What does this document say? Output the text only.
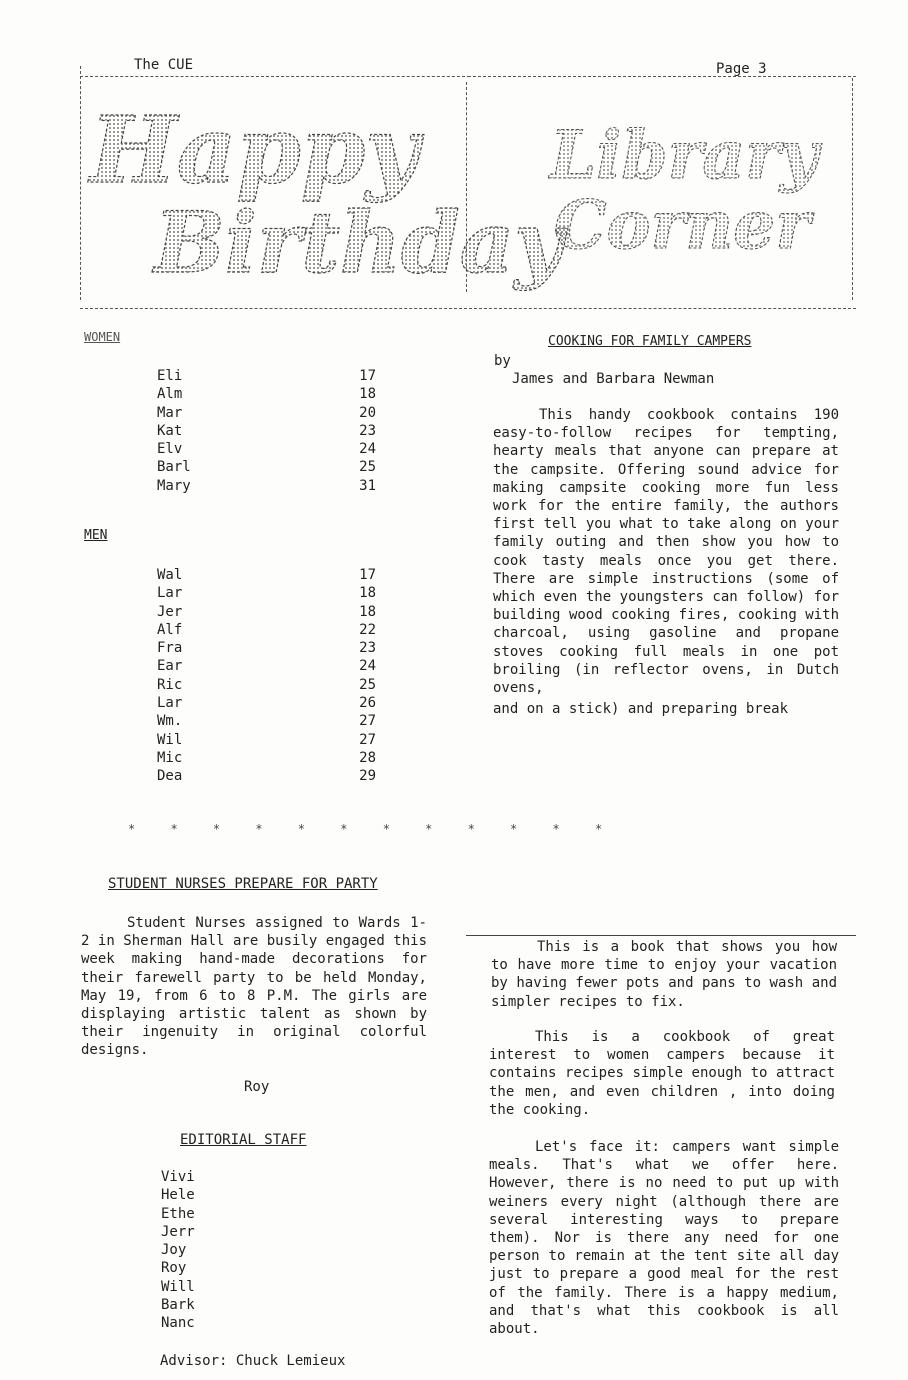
The CUE	Page 3
Happy
Birthday
Library
Corner
WOMEN
Eli
Alm
Mar
Kat
Elv
Barl
Mary
17
18
20
23
24
25
31
MEN
Wal
Lar
Jer
Alf
Fra
Ear
Ric
Lar
Wm.
Wil
Mic
Dea
17
18
18
22
23
24
25
26
27
27
28
29
* * * * * * * * * * * *
STUDENT NURSES PREPARE FOR PARTY
Student Nurses assigned to Wards 1-2 in Sherman Hall are busily engaged this week making hand-made decorations for their farewell party to be held Monday, May 19, from 6 to 8 P.M. The girls are displaying artistic talent as shown by their ingenuity in original colorful designs.
Roy
EDITORIAL STAFF
Vivi
Hele
Ethe
Jerr
Joy
Roy
Will
Bark
Nanc
Advisor: Chuck Lemieux
COOKING FOR FAMILY CAMPERS
by
James and Barbara Newman
This handy cookbook contains 190 easy-to-follow recipes for tempting, hearty meals that anyone can prepare at the campsite. Offering sound advice for making campsite cooking more fun less work for the entire family, the authors first tell you what to take along on your family outing and then show you how to cook tasty meals once you get there. There are simple instructions (some of which even the youngsters can follow) for building wood cooking fires, cooking with charcoal, using gasoline and propane stoves cooking full meals in one pot broiling (in reflector ovens, in Dutch ovens,
and on a stick) and preparing break
This is a book that shows you how to have more time to enjoy your vacation by having fewer pots and pans to wash and simpler recipes to fix.
This is a cookbook of great interest to women campers because it contains recipes simple enough to attract the men, and even children , into doing the cooking.
Let's face it: campers want simple meals. That's what we offer here. However, there is no need to put up with weiners every night (although there are several interesting ways to prepare them). Nor is there any need for one person to remain at the tent site all day just to prepare a good meal for the rest of the family. There is a happy medium, and that's what this cookbook is all about.
